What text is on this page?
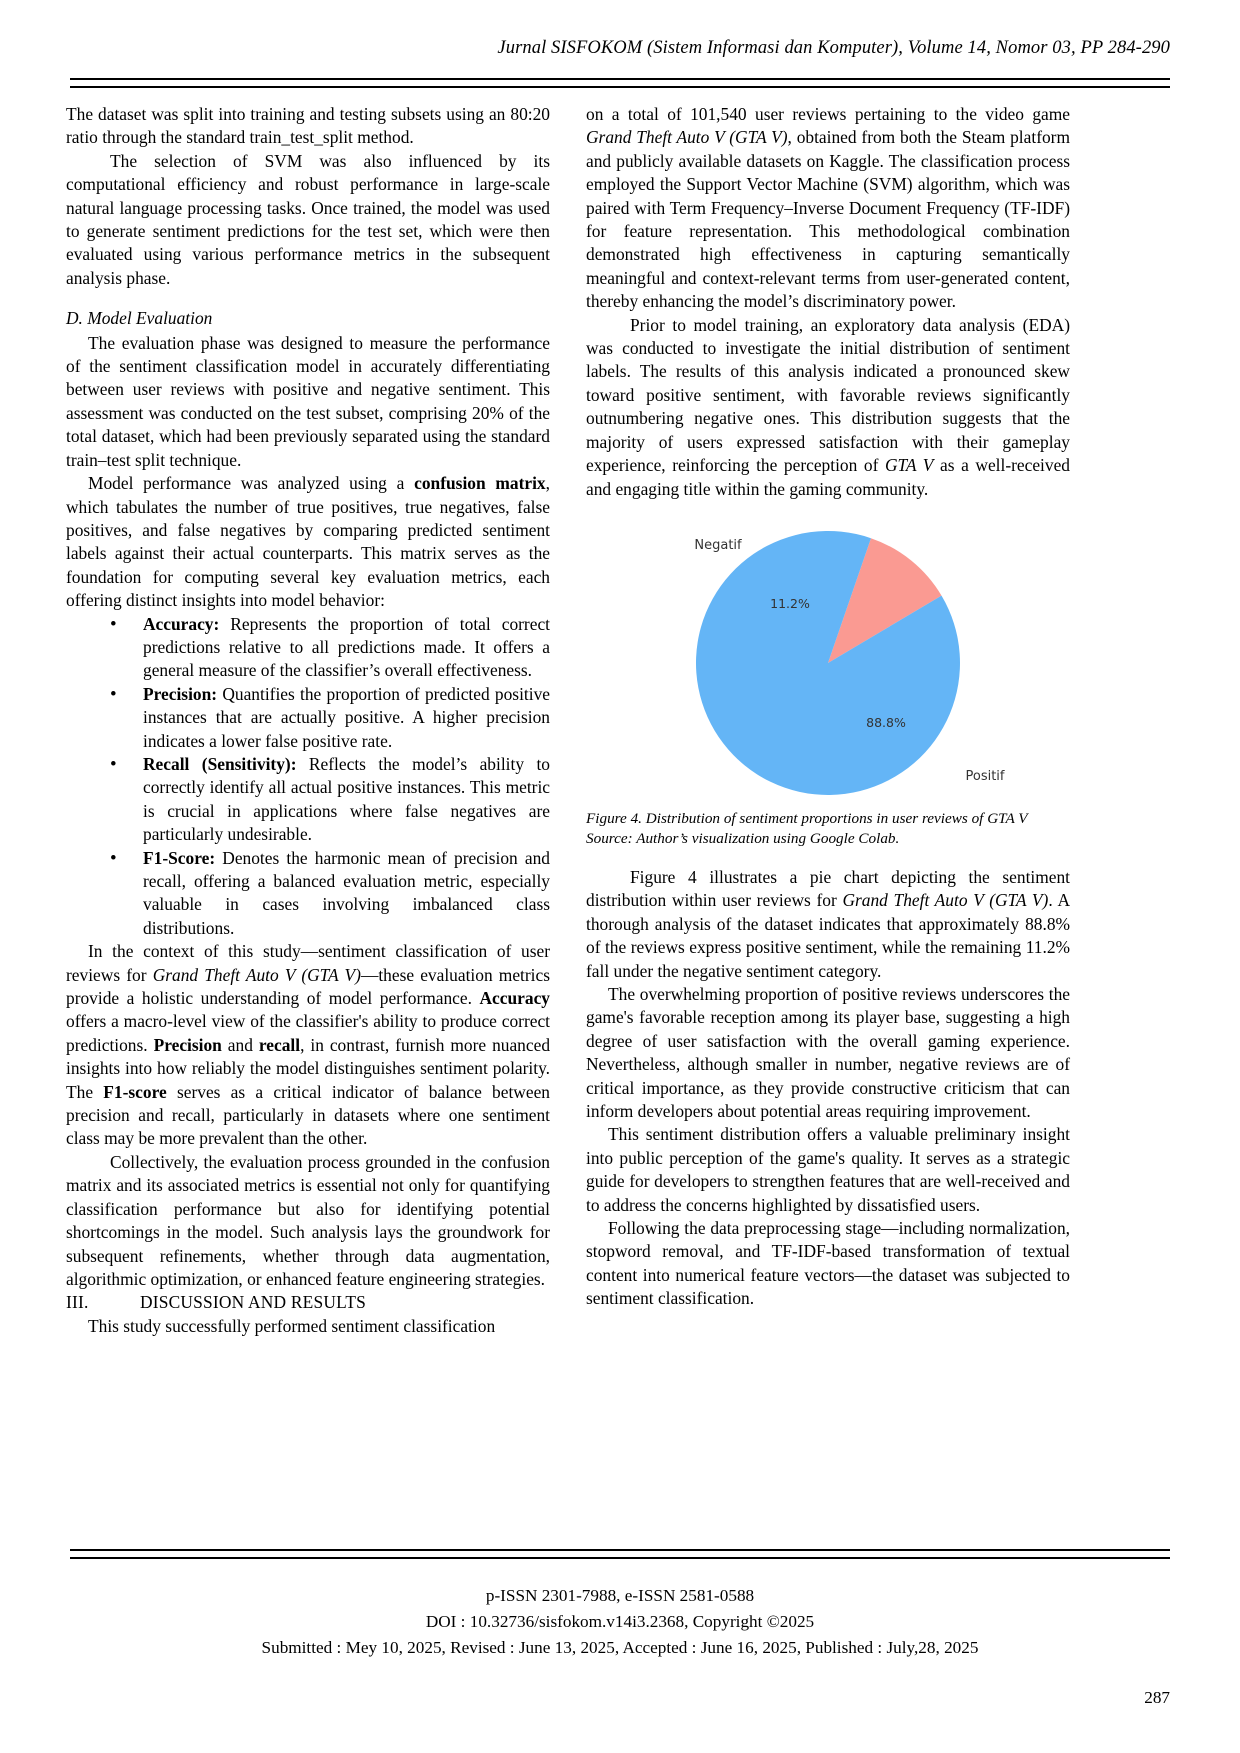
Jurnal SISFOKOM (Sistem Informasi dan Komputer), Volume 14, Nomor 03, PP 284-290

The dataset was split into training and testing subsets using an 80:20 ratio through the standard train_test_split method.

The selection of SVM was also influenced by its computational efficiency and robust performance in large-scale natural language processing tasks. Once trained, the model was used to generate sentiment predictions for the test set, which were then evaluated using various performance metrics in the subsequent analysis phase.

D. Model Evaluation

The evaluation phase was designed to measure the performance of the sentiment classification model in accurately differentiating between user reviews with positive and negative sentiment. This assessment was conducted on the test subset, comprising 20% of the total dataset, which had been previously separated using the standard train–test split technique.

Model performance was analyzed using a confusion matrix, which tabulates the number of true positives, true negatives, false positives, and false negatives by comparing predicted sentiment labels against their actual counterparts. This matrix serves as the foundation for computing several key evaluation metrics, each offering distinct insights into model behavior:

• Accuracy: Represents the proportion of total correct predictions relative to all predictions made. It offers a general measure of the classifier’s overall effectiveness.
• Precision: Quantifies the proportion of predicted positive instances that are actually positive. A higher precision indicates a lower false positive rate.
• Recall (Sensitivity): Reflects the model’s ability to correctly identify all actual positive instances. This metric is crucial in applications where false negatives are particularly undesirable.
• F1-Score: Denotes the harmonic mean of precision and recall, offering a balanced evaluation metric, especially valuable in cases involving imbalanced class distributions.

In the context of this study—sentiment classification of user reviews for Grand Theft Auto V (GTA V)—these evaluation metrics provide a holistic understanding of model performance. Accuracy offers a macro-level view of the classifier's ability to produce correct predictions. Precision and recall, in contrast, furnish more nuanced insights into how reliably the model distinguishes sentiment polarity. The F1-score serves as a critical indicator of balance between precision and recall, particularly in datasets where one sentiment class may be more prevalent than the other.

Collectively, the evaluation process grounded in the confusion matrix and its associated metrics is essential not only for quantifying classification performance but also for identifying potential shortcomings in the model. Such analysis lays the groundwork for subsequent refinements, whether through data augmentation, algorithmic optimization, or enhanced feature engineering strategies.

III.	DISCUSSION AND RESULTS

This study successfully performed sentiment classification

on a total of 101,540 user reviews pertaining to the video game Grand Theft Auto V (GTA V), obtained from both the Steam platform and publicly available datasets on Kaggle. The classification process employed the Support Vector Machine (SVM) algorithm, which was paired with Term Frequency–Inverse Document Frequency (TF-IDF) for feature representation. This methodological combination demonstrated high effectiveness in capturing semantically meaningful and context-relevant terms from user-generated content, thereby enhancing the model’s discriminatory power.

Prior to model training, an exploratory data analysis (EDA) was conducted to investigate the initial distribution of sentiment labels. The results of this analysis indicated a pronounced skew toward positive sentiment, with favorable reviews significantly outnumbering negative ones. This distribution suggests that the majority of users expressed satisfaction with their gameplay experience, reinforcing the perception of GTA V as a well-received and engaging title within the gaming community.

11.2%
88.8%
Negatif
Positif

Figure 4. Distribution of sentiment proportions in user reviews of GTA V

Source: Author’s visualization using Google Colab.

Figure 4 illustrates a pie chart depicting the sentiment distribution within user reviews for Grand Theft Auto V (GTA V). A thorough analysis of the dataset indicates that approximately 88.8% of the reviews express positive sentiment, while the remaining 11.2% fall under the negative sentiment category.

The overwhelming proportion of positive reviews underscores the game's favorable reception among its player base, suggesting a high degree of user satisfaction with the overall gaming experience. Nevertheless, although smaller in number, negative reviews are of critical importance, as they provide constructive criticism that can inform developers about potential areas requiring improvement.

This sentiment distribution offers a valuable preliminary insight into public perception of the game's quality. It serves as a strategic guide for developers to strengthen features that are well-received and to address the concerns highlighted by dissatisfied users.

Following the data preprocessing stage—including normalization, stopword removal, and TF-IDF-based transformation of textual content into numerical feature vectors—the dataset was subjected to sentiment classification.

p-ISSN 2301-7988, e-ISSN 2581-0588
DOI : 10.32736/sisfokom.v14i3.2368, Copyright ©2025
Submitted : Mey 10, 2025, Revised : June 13, 2025, Accepted : June 16, 2025, Published : July,28, 2025
287
